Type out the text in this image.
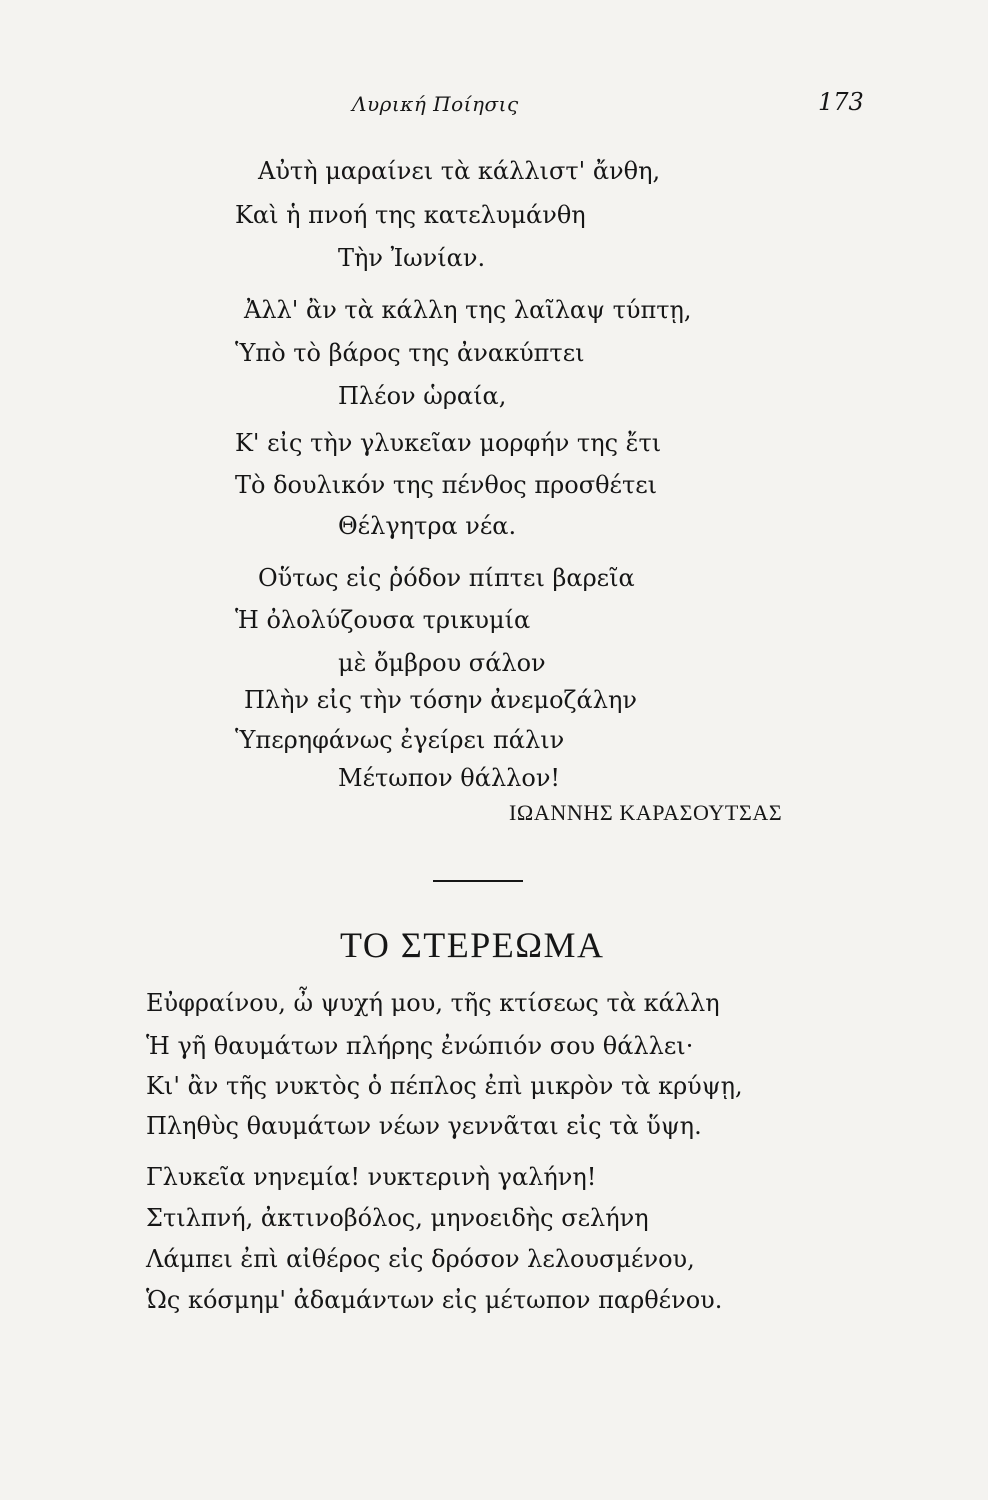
Λυρική Ποίησις	173
Αὐτὴ μαραίνει τὰ κάλλιστ' ἄνθη,
Καὶ ἡ πνοή της κατελυμάνθη
Τὴν Ἰωνίαν.
Ἀλλ' ἂν τὰ κάλλη της λαῖλαψ τύπτῃ,
Ὑπὸ τὸ βάρος της ἀνακύπτει
Πλέον ὡραία,
Κ' εἰς τὴν γλυκεῖαν μορφήν της ἔτι
Τὸ δουλικόν της πένθος προσθέτει
Θέλγητρα νέα.
Οὕτως εἰς ῥόδον πίπτει βαρεῖα
Ἡ ὀλολύζουσα τρικυμία
μὲ ὄμβρου σάλον
Πλὴν εἰς τὴν τόσην ἀνεμοζάλην
Ὑπερηφάνως ἐγείρει πάλιν
Μέτωπον θάλλον!
ΙΩΑΝΝΗΣ ΚΑΡΑΣΟΥΤΣΑΣ
ΤΟ ΣΤΕΡΕΩΜΑ
Εὐφραίνου, ὦ ψυχή μου, τῆς κτίσεως τὰ κάλλη
Ἡ γῆ θαυμάτων πλήρης ἐνώπιόν σου θάλλει·
Κι' ἂν τῆς νυκτὸς ὁ πέπλος ἐπὶ μικρὸν τὰ κρύψῃ,
Πληθὺς θαυμάτων νέων γεννᾶται εἰς τὰ ὕψη.
Γλυκεῖα νηνεμία! νυκτερινὴ γαλήνη!
Στιλπνή, ἀκτινοβόλος, μηνοειδὴς σελήνη
Λάμπει ἐπὶ αἰθέρος εἰς δρόσον λελουσμένου,
Ὡς κόσμημ' ἀδαμάντων εἰς μέτωπον παρθένου.
